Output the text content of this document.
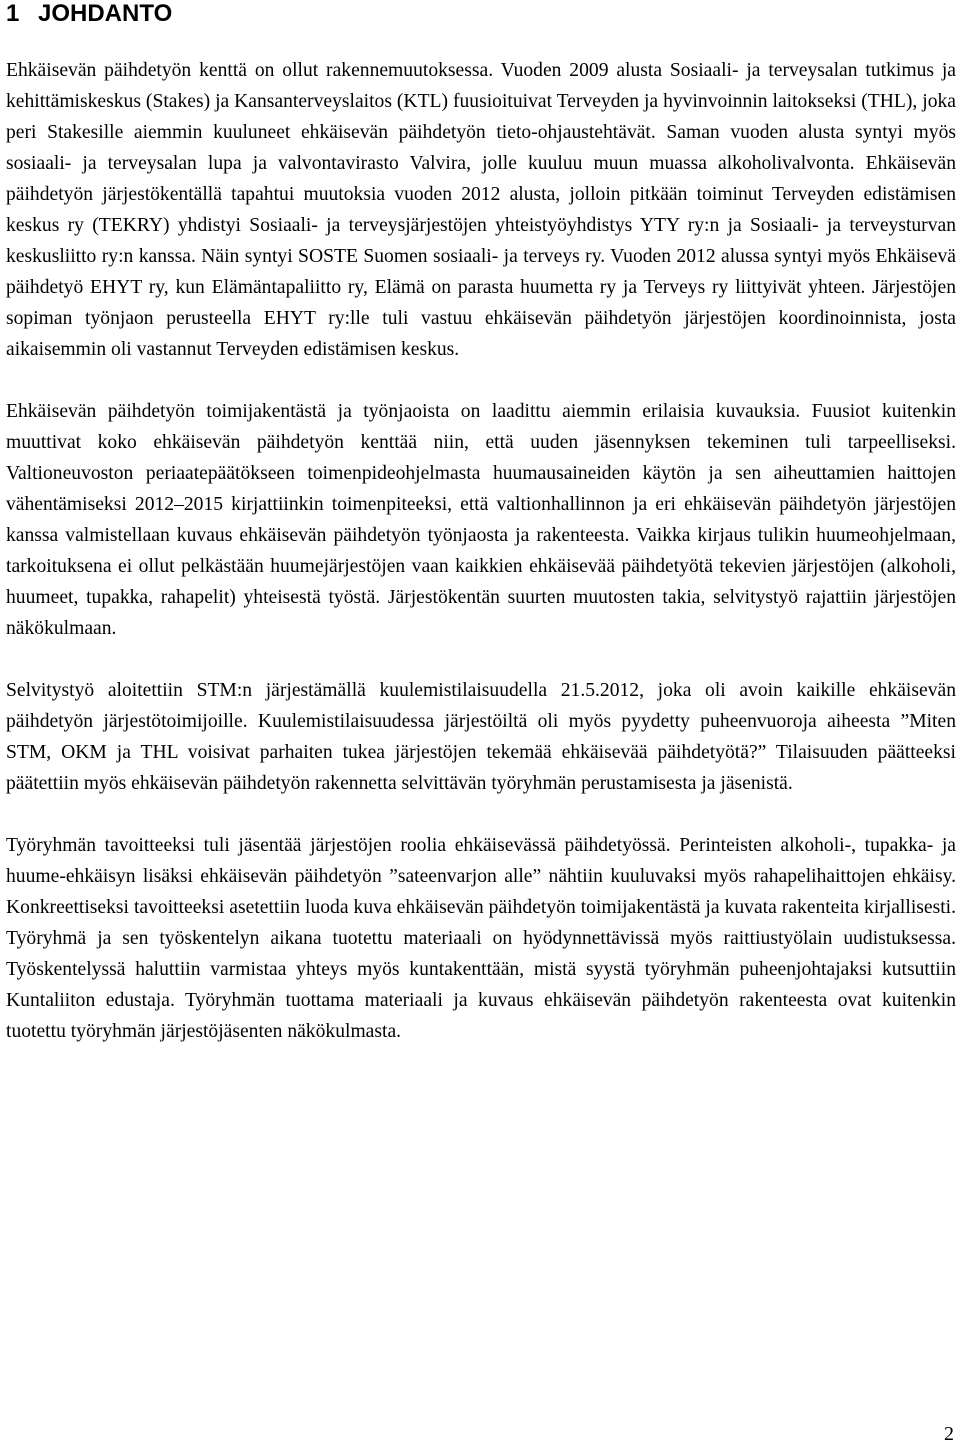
1 JOHDANTO

Ehkäisevän päihdetyön kenttä on ollut rakennemuutoksessa. Vuoden 2009 alusta Sosiaali- ja terveysalan tutkimus ja kehittämiskeskus (Stakes) ja Kansanterveyslaitos (KTL) fuusioituivat Terveyden ja hyvinvoinnin laitokseksi (THL), joka peri Stakesille aiemmin kuuluneet ehkäisevän päihdetyön tieto-ohjaustehtävät. Saman vuoden alusta syntyi myös sosiaali- ja terveysalan lupa ja valvontavirasto Valvira, jolle kuuluu muun muassa alkoholivalvonta. Ehkäisevän päihdetyön järjestökentällä tapahtui muutoksia vuoden 2012 alusta, jolloin pitkään toiminut Terveyden edistämisen keskus ry (TEKRY) yhdistyi Sosiaali- ja terveysjärjestöjen yhteistyöyhdistys YTY ry:n ja Sosiaali- ja terveysturvan keskusliitto ry:n kanssa. Näin syntyi SOSTE Suomen sosiaali- ja terveys ry. Vuoden 2012 alussa syntyi myös Ehkäisevä päihdetyö EHYT ry, kun Elämäntapaliitto ry, Elämä on parasta huumetta ry ja Terveys ry liittyivät yhteen. Järjestöjen sopiman työnjaon perusteella EHYT ry:lle tuli vastuu ehkäisevän päihdetyön järjestöjen koordinoinnista, josta aikaisemmin oli vastannut Terveyden edistämisen keskus.

Ehkäisevän päihdetyön toimijakentästä ja työnjaoista on laadittu aiemmin erilaisia kuvauksia. Fuusiot kuitenkin muuttivat koko ehkäisevän päihdetyön kenttää niin, että uuden jäsennyksen tekeminen tuli tarpeelliseksi. Valtioneuvoston periaatepäätökseen toimenpideohjelmasta huumausaineiden käytön ja sen aiheuttamien haittojen vähentämiseksi 2012–2015 kirjattiinkin toimenpiteeksi, että valtionhallinnon ja eri ehkäisevän päihdetyön järjestöjen kanssa valmistellaan kuvaus ehkäisevän päihdetyön työnjaosta ja rakenteesta. Vaikka kirjaus tulikin huumeohjelmaan, tarkoituksena ei ollut pelkästään huumejärjestöjen vaan kaikkien ehkäisevää päihdetyötä tekevien järjestöjen (alkoholi, huumeet, tupakka, rahapelit) yhteisestä työstä. Järjestökentän suurten muutosten takia, selvitystyö rajattiin järjestöjen näkökulmaan.

Selvitystyö aloitettiin STM:n järjestämällä kuulemistilaisuudella 21.5.2012, joka oli avoin kaikille ehkäisevän päihdetyön järjestötoimijoille. Kuulemistilaisuudessa järjestöiltä oli myös pyydetty puheenvuoroja aiheesta ”Miten STM, OKM ja THL voisivat parhaiten tukea järjestöjen tekemää ehkäisevää päihdetyötä?” Tilaisuuden päätteeksi päätettiin myös ehkäisevän päihdetyön rakennetta selvittävän työryhmän perustamisesta ja jäsenistä.

Työryhmän tavoitteeksi tuli jäsentää järjestöjen roolia ehkäisevässä päihdetyössä. Perinteisten alkoholi-, tupakka- ja huume-ehkäisyn lisäksi ehkäisevän päihdetyön ”sateenvarjon alle” nähtiin kuuluvaksi myös rahapelihaittojen ehkäisy. Konkreettiseksi tavoitteeksi asetettiin luoda kuva ehkäisevän päihdetyön toimijakentästä ja kuvata rakenteita kirjallisesti. Työryhmä ja sen työskentelyn aikana tuotettu materiaali on hyödynnettävissä myös raittiustyölain uudistuksessa. Työskentelyssä haluttiin varmistaa yhteys myös kuntakenttään, mistä syystä työryhmän puheenjohtajaksi kutsuttiin Kuntaliiton edustaja. Työryhmän tuottama materiaali ja kuvaus ehkäisevän päihdetyön rakenteesta ovat kuitenkin tuotettu työryhmän järjestöjäsenten näkökulmasta.

2
